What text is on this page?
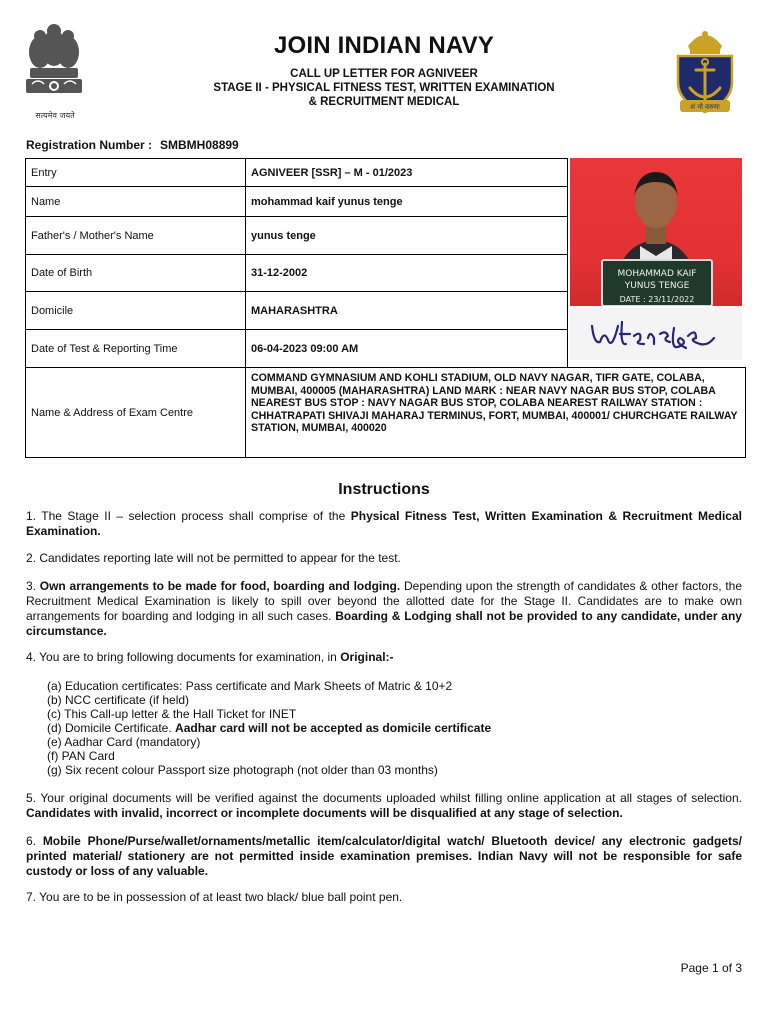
सत्यमेव जयते
शं नो वरुणः
JOIN INDIAN NAVY
CALL UP LETTER FOR AGNIVEER
STAGE II - PHYSICAL FITNESS TEST, WRITTEN EXAMINATION
& RECRUITMENT MEDICAL
Registration Number : SMBMH08899
Entry	AGNIVEER [SSR] – M - 01/2023	
Name	mohammad kaif yunus tenge	
Father's / Mother's Name	yunus tenge	
Date of Birth	31-12-2002	
Domicile	MAHARASHTRA	
Date of Test & Reporting Time	06-04-2023 09:00 AM	
Name & Address of Exam Centre	COMMAND GYMNASIUM AND KOHLI STADIUM, OLD NAVY NAGAR, TIFR GATE, COLABA, MUMBAI, 400005 (MAHARASHTRA) LAND MARK : NEAR NAVY NAGAR BUS STOP, COLABA NEAREST BUS STOP : NAVY NAGAR BUS STOP, COLABA NEAREST RAILWAY STATION : CHHATRAPATI SHIVAJI MAHARAJ TERMINUS, FORT, MUMBAI, 400001/ CHURCHGATE RAILWAY STATION, MUMBAI, 400020	
MOHAMMAD KAIF
YUNUS TENGE
DATE : 23/11/2022
Instructions
1. The Stage II – selection process shall comprise of the Physical Fitness Test, Written Examination & Recruitment Medical Examination.
2. Candidates reporting late will not be permitted to appear for the test.
3. Own arrangements to be made for food, boarding and lodging. Depending upon the strength of candidates & other factors, the Recruitment Medical Examination is likely to spill over beyond the allotted date for the Stage II. Candidates are to make own arrangements for boarding and lodging in all such cases. Boarding & Lodging shall not be provided to any candidate, under any circumstance.
4. You are to bring following documents for examination, in Original:-
(a) Education certificates: Pass certificate and Mark Sheets of Matric & 10+2
(b) NCC certificate (if held)
(c) This Call-up letter & the Hall Ticket for INET
(d) Domicile Certificate. Aadhar card will not be accepted as domicile certificate
(e) Aadhar Card (mandatory)
(f) PAN Card
(g) Six recent colour Passport size photograph (not older than 03 months)
5. Your original documents will be verified against the documents uploaded whilst filling online application at all stages of selection. Candidates with invalid, incorrect or incomplete documents will be disqualified at any stage of selection.
6. Mobile Phone/Purse/wallet/ornaments/metallic item/calculator/digital watch/ Bluetooth device/ any electronic gadgets/ printed material/ stationery are not permitted inside examination premises. Indian Navy will not be responsible for safe custody or loss of any valuable.
7. You are to be in possession of at least two black/ blue ball point pen.
Page 1 of 3
